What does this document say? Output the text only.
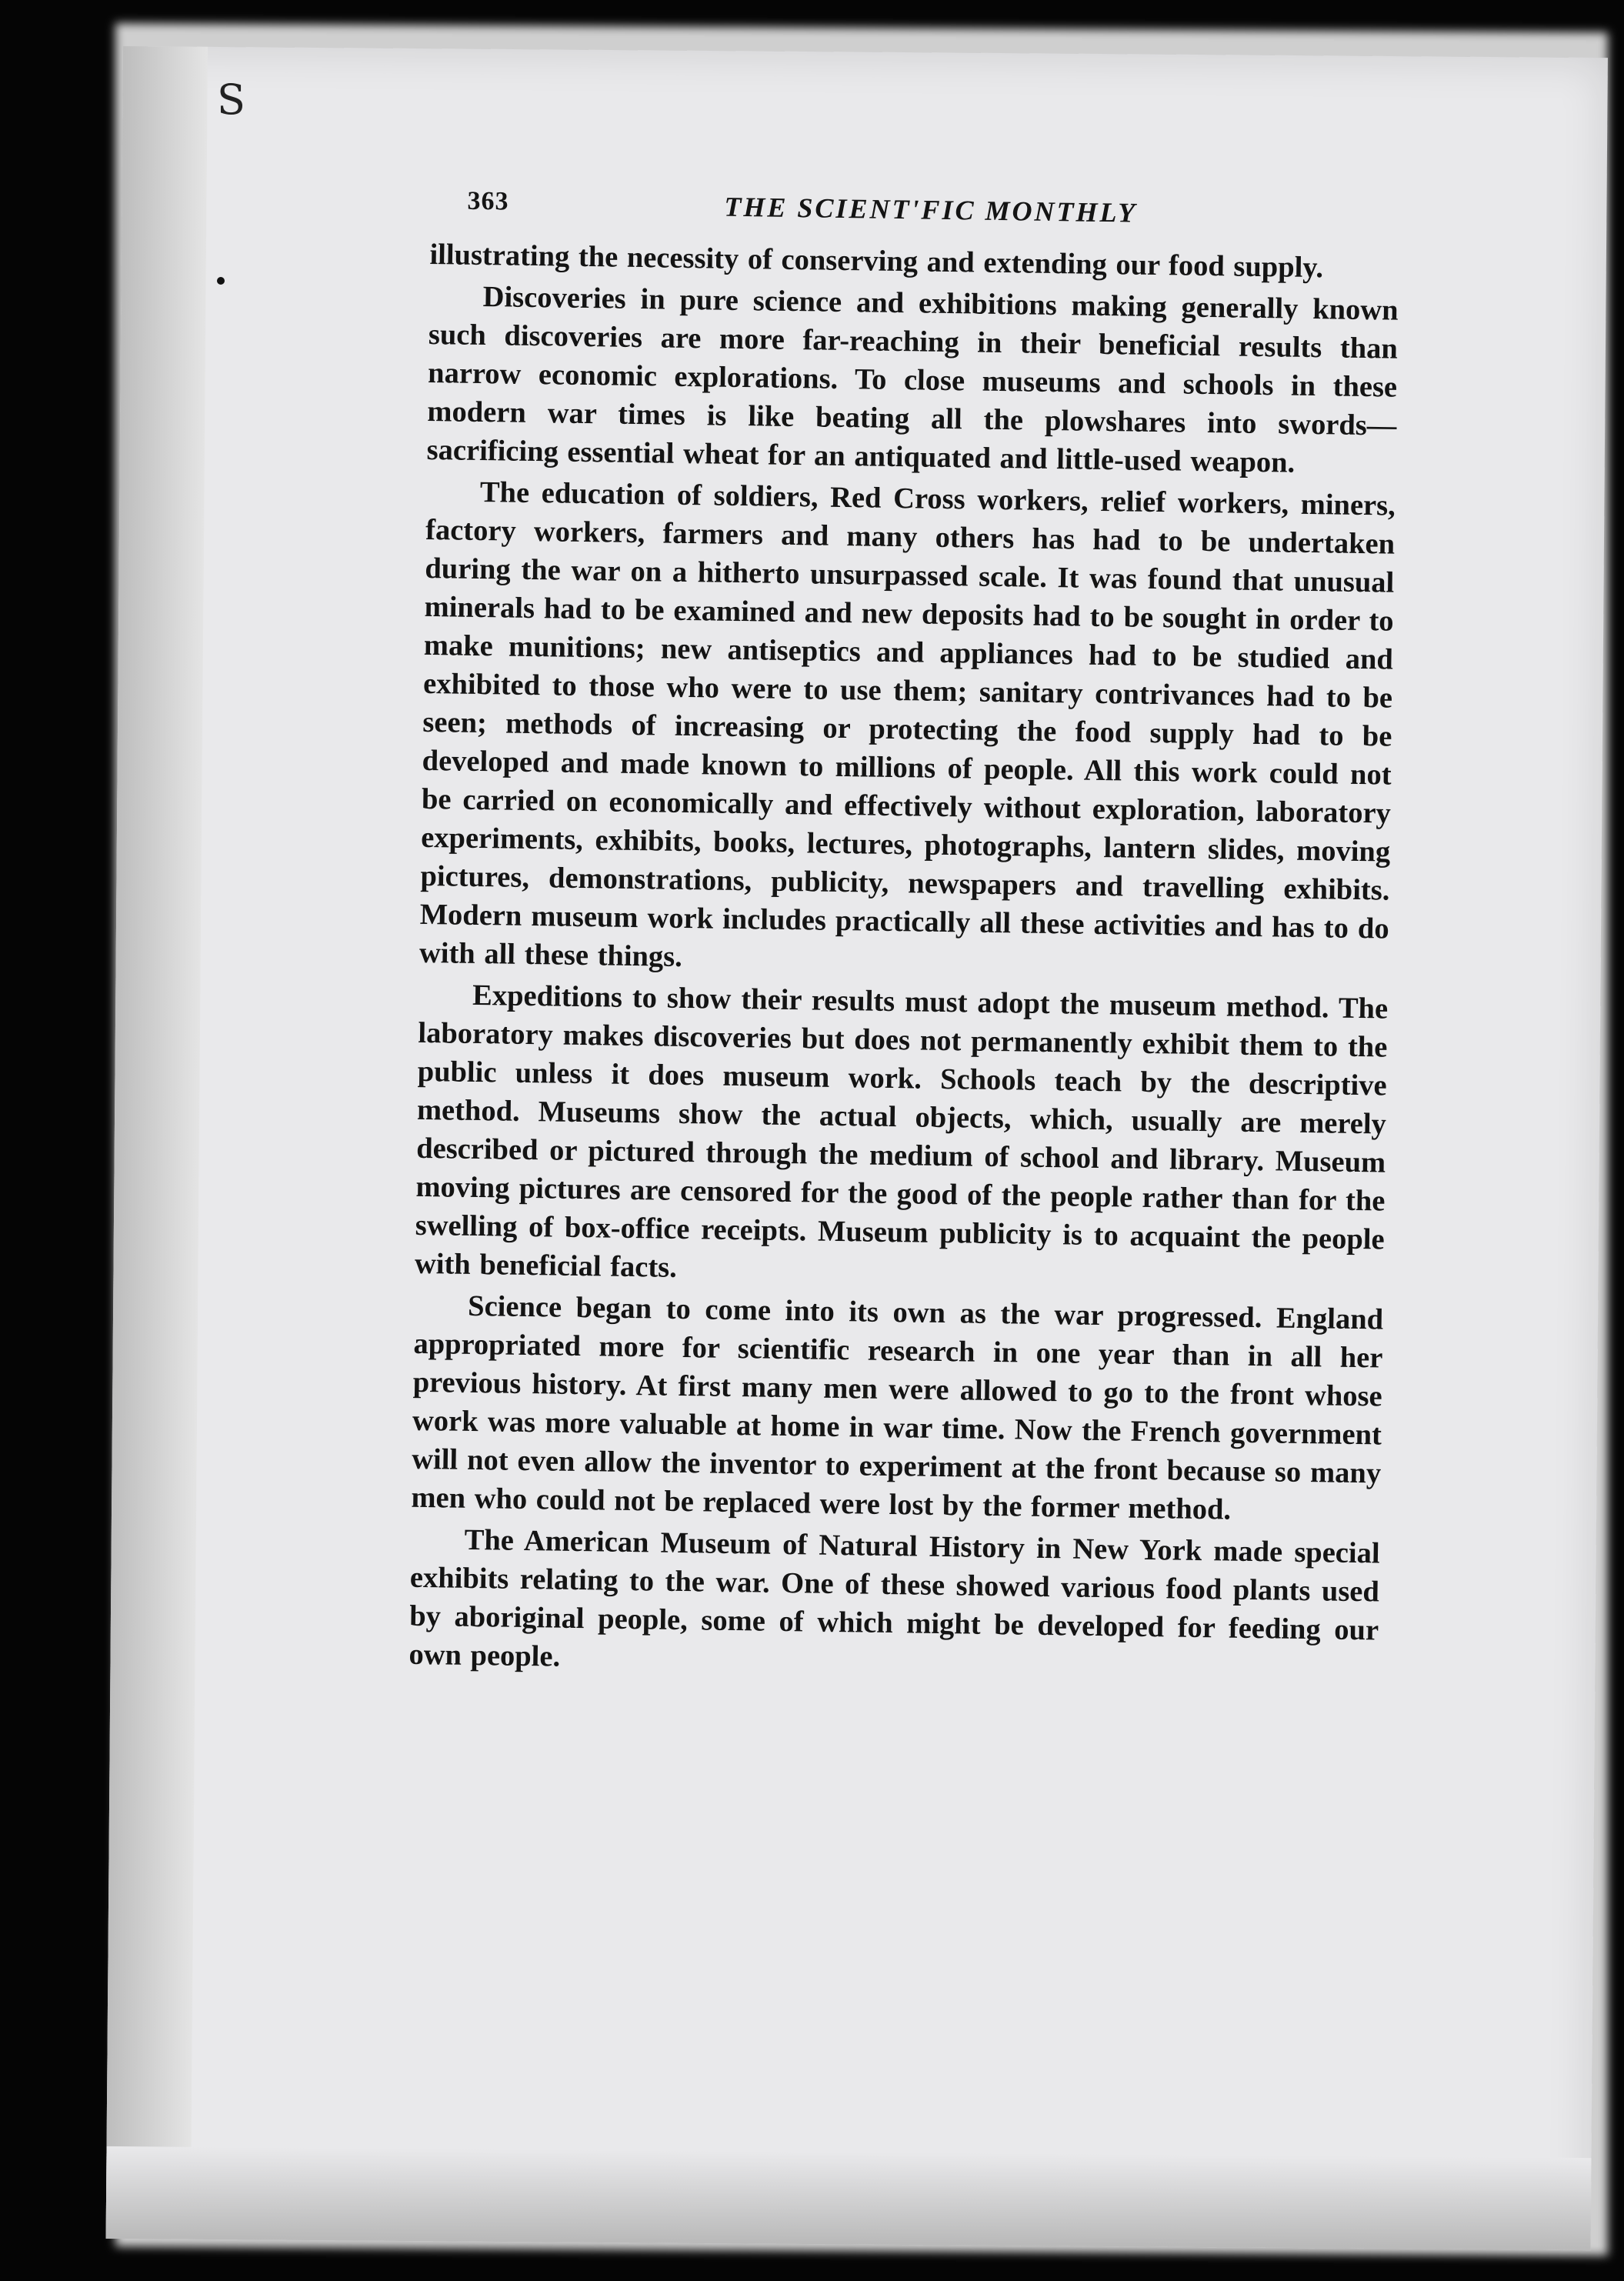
S
363	THE SCIENT'FIC MONTHLY

illustrating the necessity of conserving and extending our food supply.

Discoveries in pure science and exhibitions making generally known such discoveries are more far-reaching in their beneficial results than narrow economic explorations. To close museums and schools in these modern war times is like beating all the plowshares into swords—sacrificing essential wheat for an antiquated and little-used weapon.

The education of soldiers, Red Cross workers, relief workers, miners, factory workers, farmers and many others has had to be undertaken during the war on a hitherto unsurpassed scale. It was found that unusual minerals had to be examined and new deposits had to be sought in order to make munitions; new antiseptics and appliances had to be studied and exhibited to those who were to use them; sanitary contrivances had to be seen; methods of increasing or protecting the food supply had to be developed and made known to millions of people. All this work could not be carried on economically and effectively without exploration, laboratory experiments, exhibits, books, lectures, photographs, lantern slides, moving pictures, demonstrations, publicity, newspapers and travelling exhibits. Modern museum work includes practically all these activities and has to do with all these things.

Expeditions to show their results must adopt the museum method. The laboratory makes discoveries but does not permanently exhibit them to the public unless it does museum work. Schools teach by the descriptive method. Museums show the actual objects, which, usually are merely described or pictured through the medium of school and library. Museum moving pictures are censored for the good of the people rather than for the swelling of box-office receipts. Museum publicity is to acquaint the people with beneficial facts.

Science began to come into its own as the war progressed. England appropriated more for scientific research in one year than in all her previous history. At first many men were allowed to go to the front whose work was more valuable at home in war time. Now the French government will not even allow the inventor to experiment at the front because so many men who could not be replaced were lost by the former method.

The American Museum of Natural History in New York made special exhibits relating to the war. One of these showed various food plants used by aboriginal people, some of which might be developed for feeding our own people.
